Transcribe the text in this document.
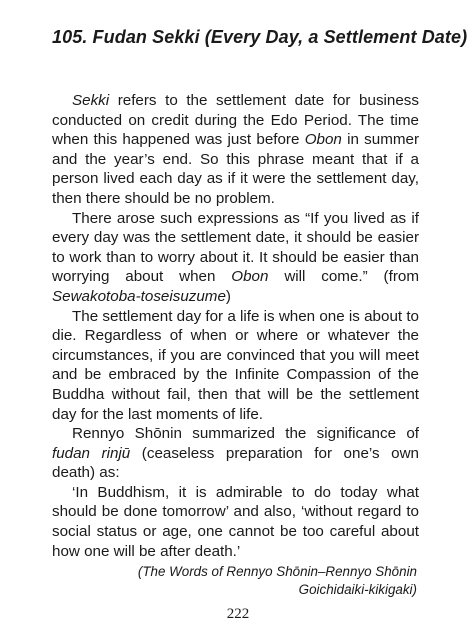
105. Fudan Sekki (Every Day, a Settlement Date)

Sekki refers to the settlement date for business conducted on credit during the Edo Period. The time when this happened was just before Obon in summer and the year’s end. So this phrase meant that if a person lived each day as if it were the settlement day, then there should be no problem.

There arose such expressions as “If you lived as if every day was the settlement date, it should be easier to work than to worry about it. It should be easier than worrying about when Obon will come.” (from Sewakotoba-toseisuzume)

The settlement day for a life is when one is about to die. Regardless of when or where or whatever the circumstances, if you are convinced that you will meet and be embraced by the Infinite Compassion of the Buddha without fail, then that will be the settlement day for the last moments of life.

Rennyo Shōnin summarized the significance of fudan rinjū (ceaseless preparation for one’s own death) as:

‘In Buddhism, it is admirable to do today what should be done tomorrow’ and also, ‘without regard to social status or age, one cannot be too careful about how one will be after death.’

(The Words of Rennyo Shōnin–Rennyo Shōnin
Goichidaiki-kikigaki)
222
